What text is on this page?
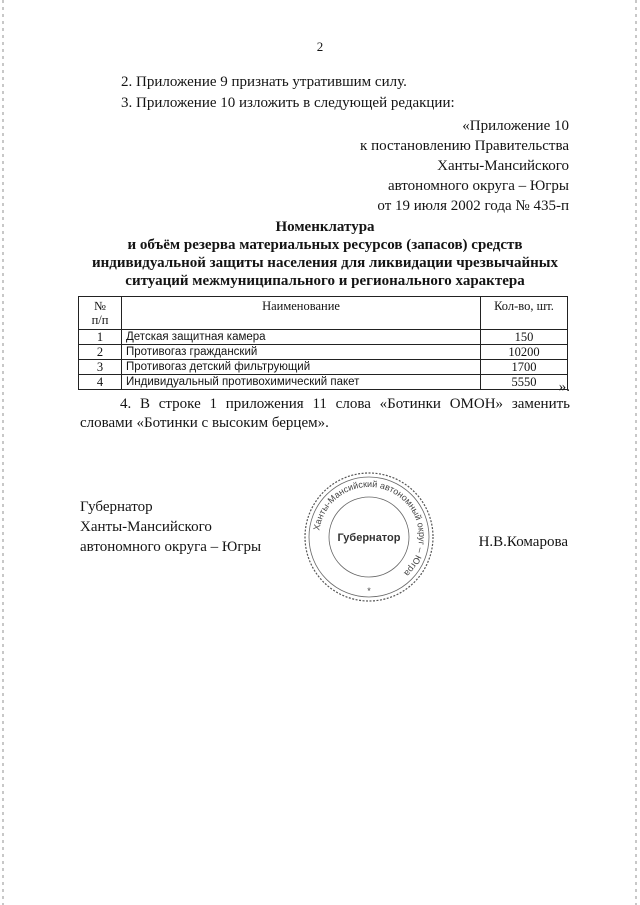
2
2. Приложение 9 признать утратившим силу.
3. Приложение 10 изложить в следующей редакции:
«Приложение 10
к постановлению Правительства
Ханты-Мансийского
автономного округа – Югры
от 19 июля 2002 года № 435-п
Номенклатура
и объём резерва материальных ресурсов (запасов) средств
индивидуальной защиты населения для ликвидации чрезвычайных
ситуаций межмуниципального и регионального характера
№
п/п	Наименование	Кол-во, шт.
1	Детская защитная камера	150
2	Противогаз гражданский	10200
3	Противогаз детский фильтрующий	1700
4	Индивидуальный противохимический пакет	5550 ».
4. В строке 1 приложения 11 слова «Ботинки ОМОН» заменить словами «Ботинки с высоким берцем».
Губернатор
Ханты-Мансийского
автономного округа – Югры
Ханты-Мансийский автономный округ – Югра
Губернатор
*
Н.В.Комарова
